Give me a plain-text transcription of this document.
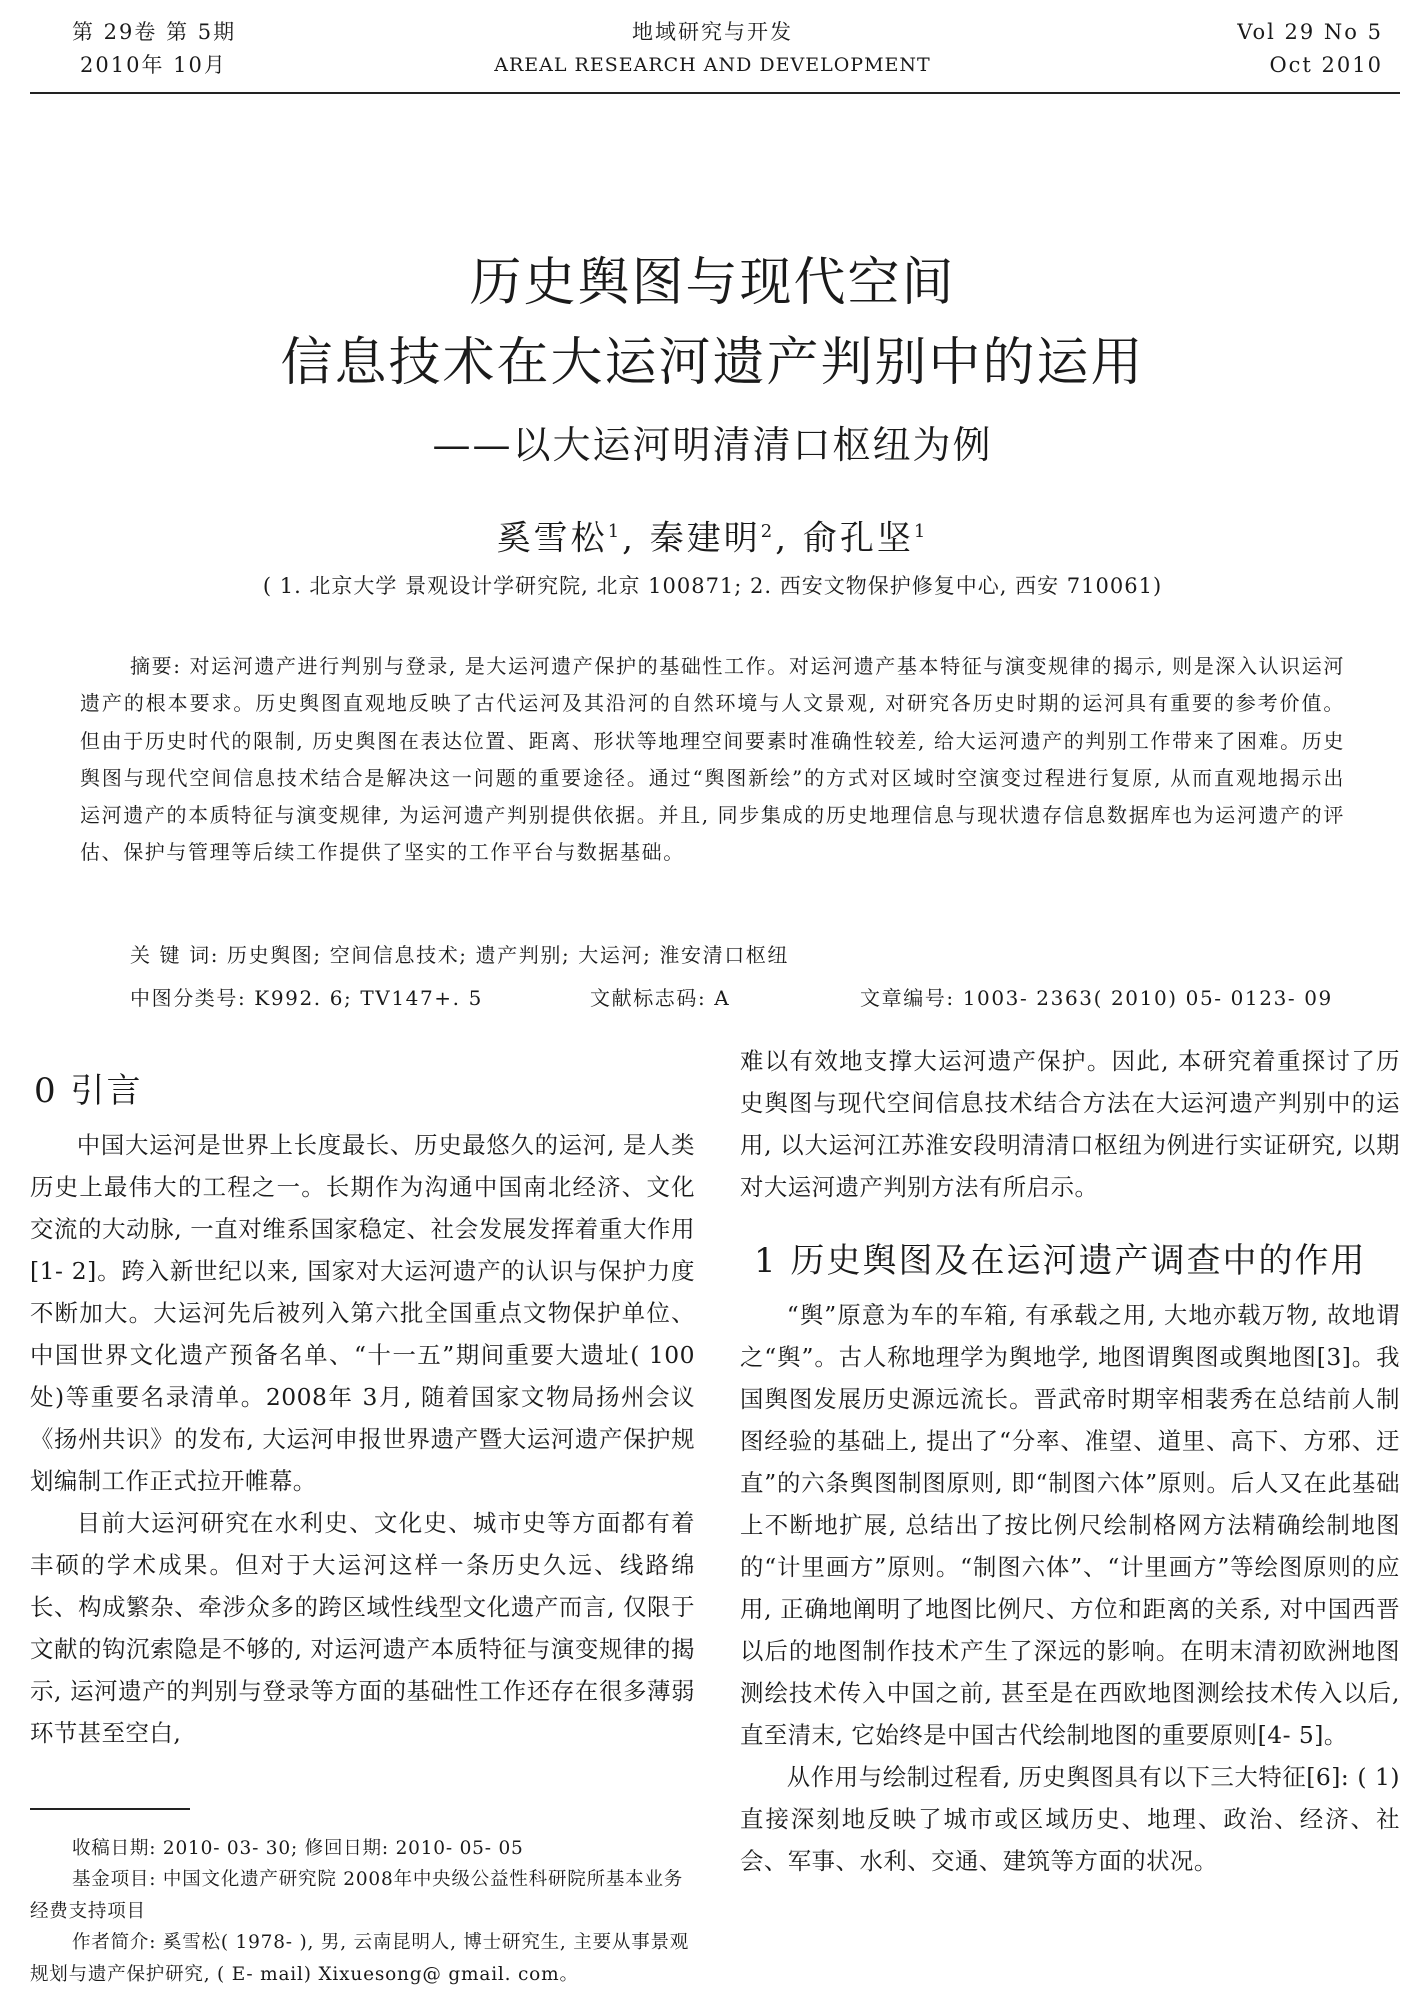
第 29卷 第 5期
2010年 10月
地域研究与开发
AREAL RESEARCH AND DEVELOPMENT
Vol 29 No 5
Oct 2010
历史舆图与现代空间
信息技术在大运河遗产判别中的运用
——以大运河明清清口枢纽为例
奚雪松$^1$, 秦建明$^2$, 俞孔坚$^1$
( 1. 北京大学 景观设计学研究院, 北京 100871; 2. 西安文物保护修复中心, 西安 710061)
摘要: 对运河遗产进行判别与登录, 是大运河遗产保护的基础性工作。对运河遗产基本特征与演变规律的揭示, 则是深入认识运河遗产的根本要求。历史舆图直观地反映了古代运河及其沿河的自然环境与人文景观, 对研究各历史时期的运河具有重要的参考价值。但由于历史时代的限制, 历史舆图在表达位置、距离、形状等地理空间要素时准确性较差, 给大运河遗产的判别工作带来了困难。历史舆图与现代空间信息技术结合是解决这一问题的重要途径。通过“舆图新绘”的方式对区域时空演变过程进行复原, 从而直观地揭示出运河遗产的本质特征与演变规律, 为运河遗产判别提供依据。并且, 同步集成的历史地理信息与现状遗存信息数据库也为运河遗产的评估、保护与管理等后续工作提供了坚实的工作平台与数据基础。
关 键 词: 历史舆图; 空间信息技术; 遗产判别; 大运河; 淮安清口枢纽
中图分类号: K992. 6; TV147+. 5	文献标志码: A	文章编号: 1003- 2363( 2010) 05- 0123- 09
0 引言

中国大运河是世界上长度最长、历史最悠久的运河, 是人类历史上最伟大的工程之一。长期作为沟通中国南北经济、文化交流的大动脉, 一直对维系国家稳定、社会发展发挥着重大作用[1- 2]。跨入新世纪以来, 国家对大运河遗产的认识与保护力度不断加大。大运河先后被列入第六批全国重点文物保护单位、中国世界文化遗产预备名单、“十一五”期间重要大遗址( 100处)等重要名录清单。2008年 3月, 随着国家文物局扬州会议《扬州共识》的发布, 大运河申报世界遗产暨大运河遗产保护规划编制工作正式拉开帷幕。

目前大运河研究在水利史、文化史、城市史等方面都有着丰硕的学术成果。但对于大运河这样一条历史久远、线路绵长、构成繁杂、牵涉众多的跨区域性线型文化遗产而言, 仅限于文献的钩沉索隐是不够的, 对运河遗产本质特征与演变规律的揭示, 运河遗产的判别与登录等方面的基础性工作还存在很多薄弱环节甚至空白,

难以有效地支撑大运河遗产保护。因此, 本研究着重探讨了历史舆图与现代空间信息技术结合方法在大运河遗产判别中的运用, 以大运河江苏淮安段明清清口枢纽为例进行实证研究, 以期对大运河遗产判别方法有所启示。

1 历史舆图及在运河遗产调查中的作用

“舆”原意为车的车箱, 有承载之用, 大地亦载万物, 故地谓之“舆”。古人称地理学为舆地学, 地图谓舆图或舆地图[3]。我国舆图发展历史源远流长。晋武帝时期宰相裴秀在总结前人制图经验的基础上, 提出了“分率、准望、道里、高下、方邪、迂直”的六条舆图制图原则, 即“制图六体”原则。后人又在此基础上不断地扩展, 总结出了按比例尺绘制格网方法精确绘制地图的“计里画方”原则。“制图六体”、“计里画方”等绘图原则的应用, 正确地阐明了地图比例尺、方位和距离的关系, 对中国西晋以后的地图制作技术产生了深远的影响。在明末清初欧洲地图测绘技术传入中国之前, 甚至是在西欧地图测绘技术传入以后, 直至清末, 它始终是中国古代绘制地图的重要原则[4- 5]。

从作用与绘制过程看, 历史舆图具有以下三大特征[6]: ( 1)直接深刻地反映了城市或区域历史、地理、政治、经济、社会、军事、水利、交通、建筑等方面的状况。

收稿日期: 2010- 03- 30; 修回日期: 2010- 05- 05
基金项目: 中国文化遗产研究院 2008年中央级公益性科研院所基本业务经费支持项目
作者简介: 奚雪松( 1978- ), 男, 云南昆明人, 博士研究生, 主要从事景观规划与遗产保护研究, ( E- mail) Xixuesong@ gmail. com。
